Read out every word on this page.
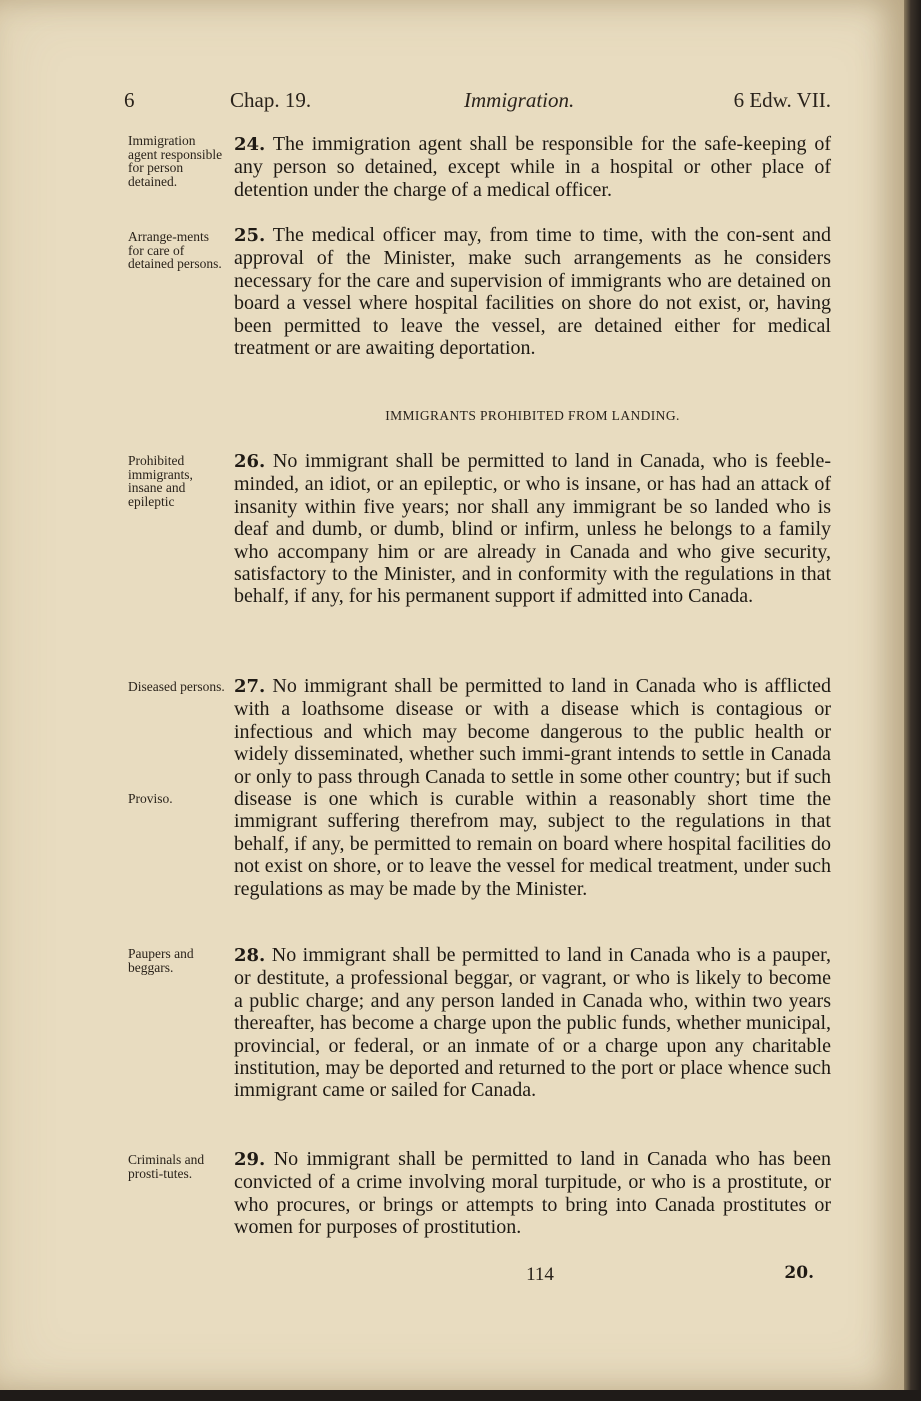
6	Chap. 19.	Immigration.	6 Edw. VII.
Immigration agent responsible for person detained.
24. The immigration agent shall be responsible for the safe-keeping of any person so detained, except while in a hospital or other place of detention under the charge of a medical officer.
Arrange-ments for care of detained persons.
25. The medical officer may, from time to time, with the con-sent and approval of the Minister, make such arrangements as he considers necessary for the care and supervision of immigrants who are detained on board a vessel where hospital facilities on shore do not exist, or, having been permitted to leave the vessel, are detained either for medical treatment or are awaiting deportation.
IMMIGRANTS PROHIBITED FROM LANDING.
Prohibited immigrants, insane and epileptic
26. No immigrant shall be permitted to land in Canada, who is feeble-minded, an idiot, or an epileptic, or who is insane, or has had an attack of insanity within five years; nor shall any immigrant be so landed who is deaf and dumb, or dumb, blind or infirm, unless he belongs to a family who accompany him or are already in Canada and who give security, satisfactory to the Minister, and in conformity with the regulations in that behalf, if any, for his permanent support if admitted into Canada.
Diseased persons.
Proviso.
27. No immigrant shall be permitted to land in Canada who is afflicted with a loathsome disease or with a disease which is contagious or infectious and which may become dangerous to the public health or widely disseminated, whether such immi-grant intends to settle in Canada or only to pass through Canada to settle in some other country; but if such disease is one which is curable within a reasonably short time the immigrant suffering therefrom may, subject to the regulations in that behalf, if any, be permitted to remain on board where hospital facilities do not exist on shore, or to leave the vessel for medical treatment, under such regulations as may be made by the Minister.
Paupers and beggars.
28. No immigrant shall be permitted to land in Canada who is a pauper, or destitute, a professional beggar, or vagrant, or who is likely to become a public charge; and any person landed in Canada who, within two years thereafter, has become a charge upon the public funds, whether municipal, provincial, or federal, or an inmate of or a charge upon any charitable institution, may be deported and returned to the port or place whence such immigrant came or sailed for Canada.
Criminals and prosti-tutes.
29. No immigrant shall be permitted to land in Canada who has been convicted of a crime involving moral turpitude, or who is a prostitute, or who procures, or brings or attempts to bring into Canada prostitutes or women for purposes of prostitution.
114	20.
